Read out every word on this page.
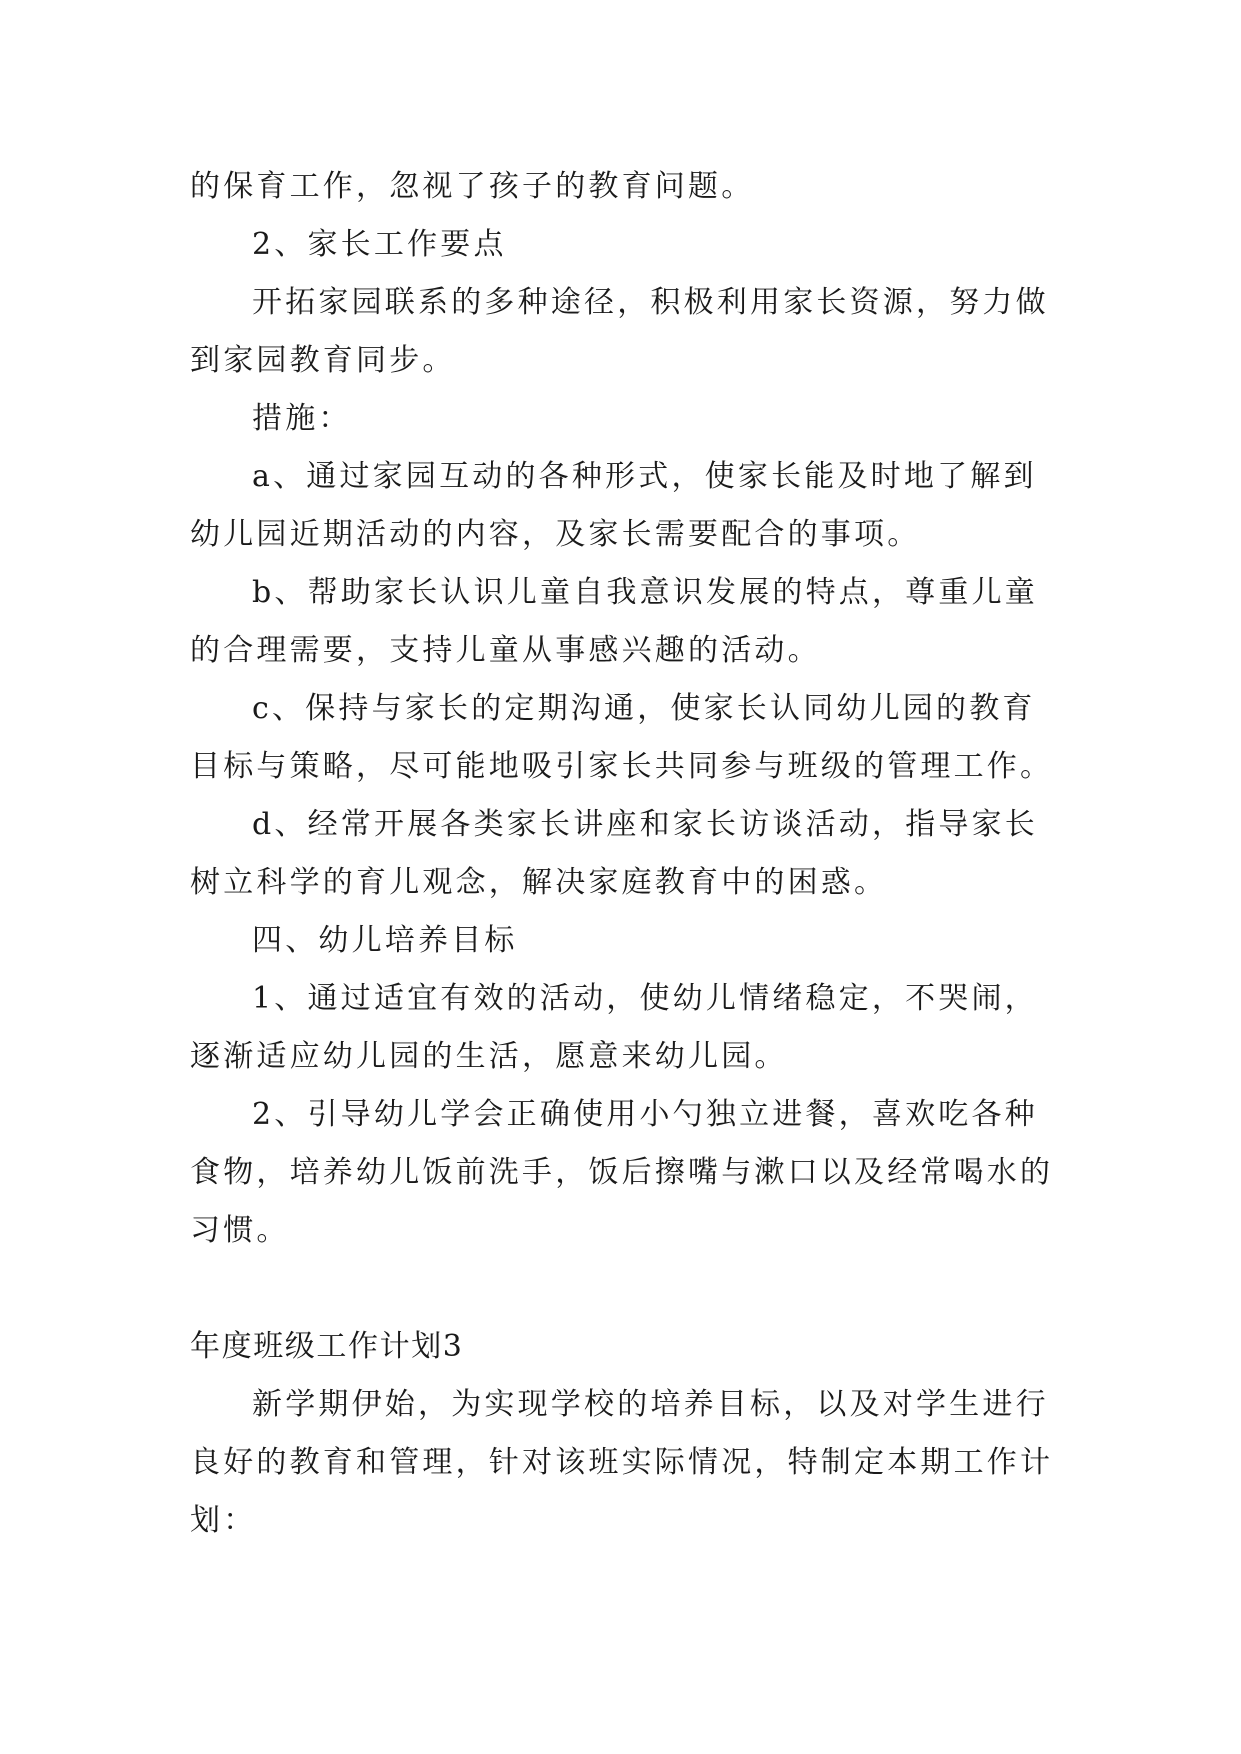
的保育工作，忽视了孩子的教育问题。
2、家长工作要点
开拓家园联系的多种途径，积极利用家长资源，努力做
到家园教育同步。
措施：
a、通过家园互动的各种形式，使家长能及时地了解到
幼儿园近期活动的内容，及家长需要配合的事项。
b、帮助家长认识儿童自我意识发展的特点，尊重儿童
的合理需要，支持儿童从事感兴趣的活动。
c、保持与家长的定期沟通，使家长认同幼儿园的教育
目标与策略，尽可能地吸引家长共同参与班级的管理工作。
d、经常开展各类家长讲座和家长访谈活动，指导家长
树立科学的育儿观念，解决家庭教育中的困惑。
四、幼儿培养目标
1、通过适宜有效的活动，使幼儿情绪稳定，不哭闹，
逐渐适应幼儿园的生活，愿意来幼儿园。
2、引导幼儿学会正确使用小勺独立进餐，喜欢吃各种
食物，培养幼儿饭前洗手，饭后擦嘴与漱口以及经常喝水的
习惯。
年度班级工作计划3
新学期伊始，为实现学校的培养目标，以及对学生进行
良好的教育和管理，针对该班实际情况，特制定本期工作计
划：
